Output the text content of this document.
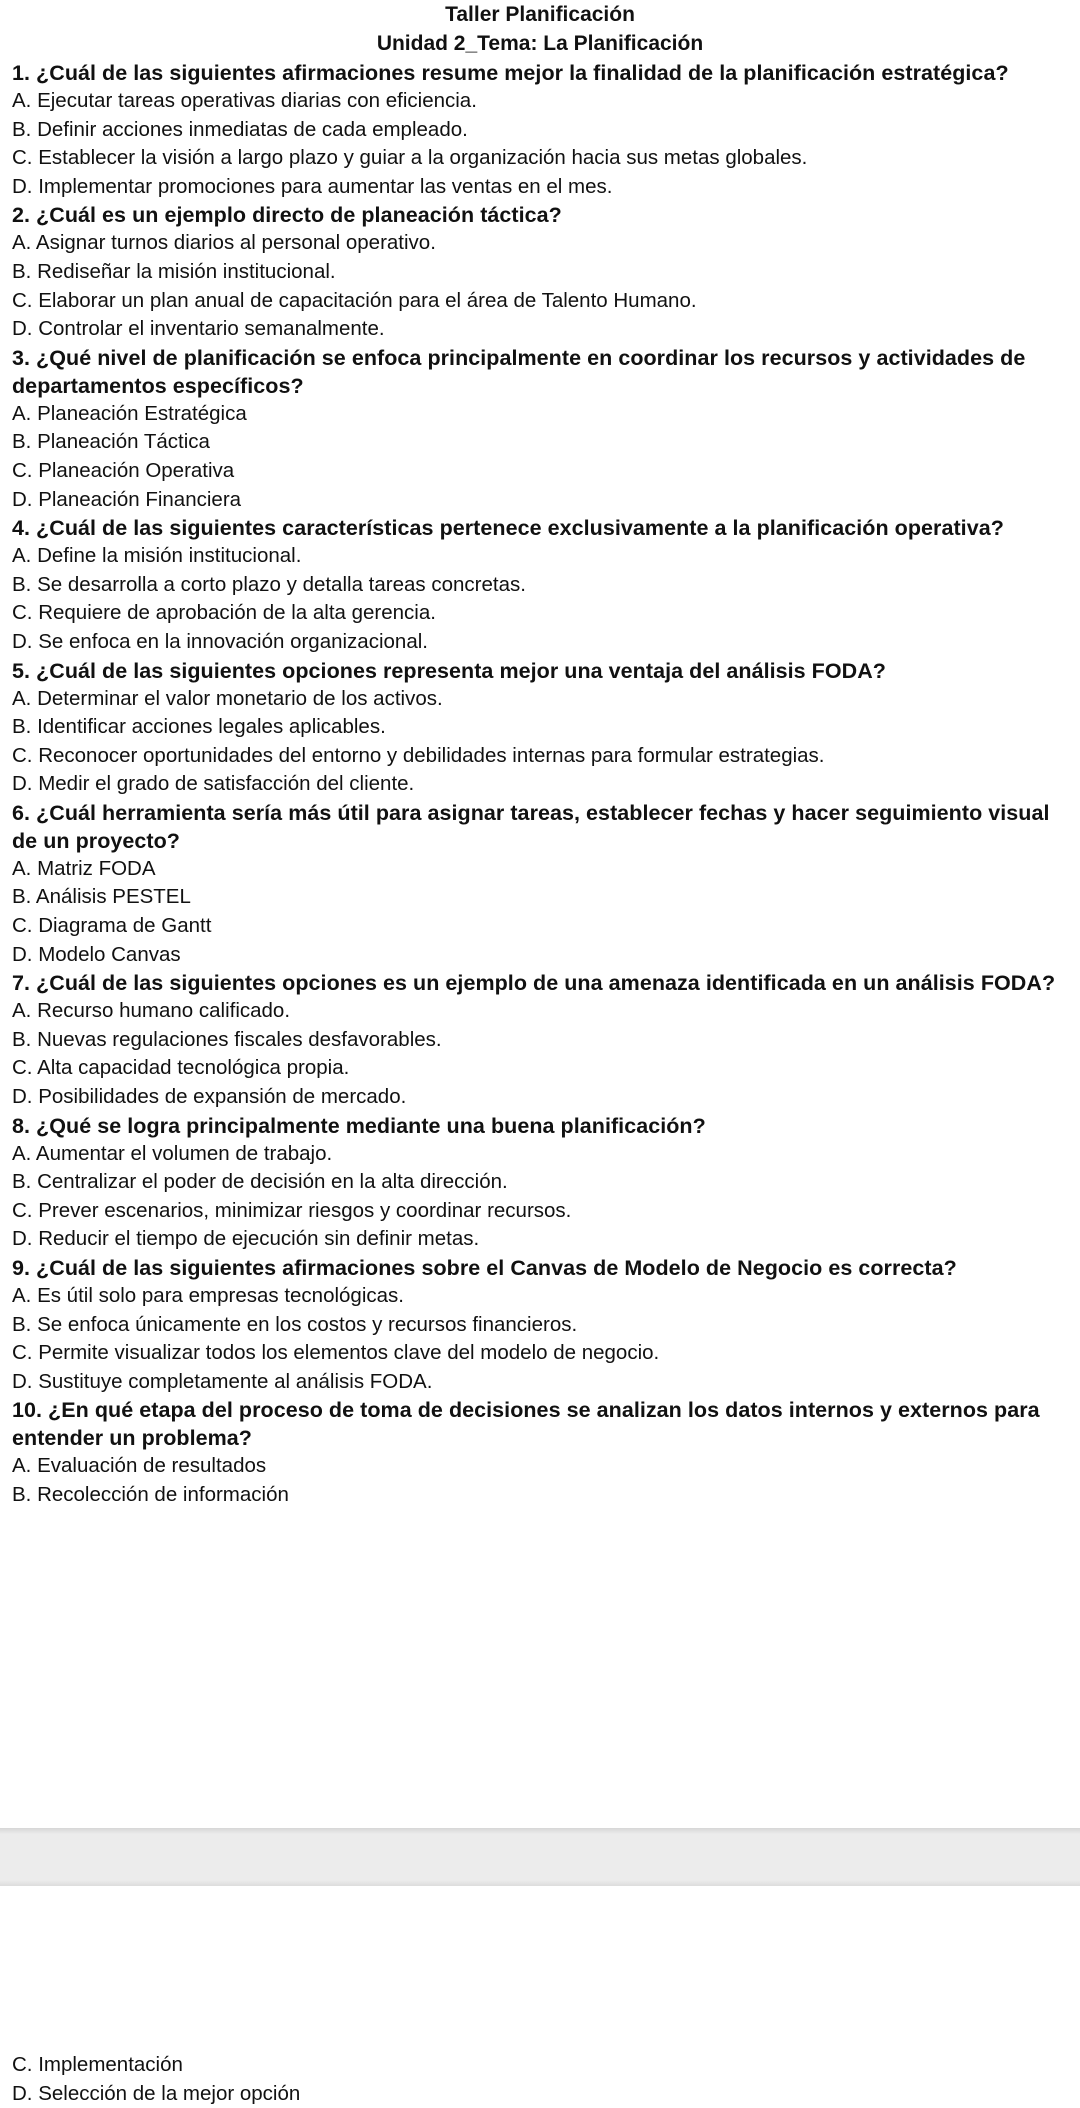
Taller Planificación

Unidad 2_Tema: La Planificación

1. ¿Cuál de las siguientes afirmaciones resume mejor la finalidad de la planificación estratégica?

A. Ejecutar tareas operativas diarias con eficiencia.

B. Definir acciones inmediatas de cada empleado.

C. Establecer la visión a largo plazo y guiar a la organización hacia sus metas globales.

D. Implementar promociones para aumentar las ventas en el mes.

2. ¿Cuál es un ejemplo directo de planeación táctica?

A. Asignar turnos diarios al personal operativo.

B. Rediseñar la misión institucional.

C. Elaborar un plan anual de capacitación para el área de Talento Humano.

D. Controlar el inventario semanalmente.

3. ¿Qué nivel de planificación se enfoca principalmente en coordinar los recursos y actividades de departamentos específicos?

A. Planeación Estratégica

B. Planeación Táctica

C. Planeación Operativa

D. Planeación Financiera

4. ¿Cuál de las siguientes características pertenece exclusivamente a la planificación operativa?

A. Define la misión institucional.

B. Se desarrolla a corto plazo y detalla tareas concretas.

C. Requiere de aprobación de la alta gerencia.

D. Se enfoca en la innovación organizacional.

5. ¿Cuál de las siguientes opciones representa mejor una ventaja del análisis FODA?

A. Determinar el valor monetario de los activos.

B. Identificar acciones legales aplicables.

C. Reconocer oportunidades del entorno y debilidades internas para formular estrategias.

D. Medir el grado de satisfacción del cliente.

6. ¿Cuál herramienta sería más útil para asignar tareas, establecer fechas y hacer seguimiento visual de un proyecto?

A. Matriz FODA

B. Análisis PESTEL

C. Diagrama de Gantt

D. Modelo Canvas

7. ¿Cuál de las siguientes opciones es un ejemplo de una amenaza identificada en un análisis FODA?

A. Recurso humano calificado.

B. Nuevas regulaciones fiscales desfavorables.

C. Alta capacidad tecnológica propia.

D. Posibilidades de expansión de mercado.

8. ¿Qué se logra principalmente mediante una buena planificación?

A. Aumentar el volumen de trabajo.

B. Centralizar el poder de decisión en la alta dirección.

C. Prever escenarios, minimizar riesgos y coordinar recursos.

D. Reducir el tiempo de ejecución sin definir metas.

9. ¿Cuál de las siguientes afirmaciones sobre el Canvas de Modelo de Negocio es correcta?

A. Es útil solo para empresas tecnológicas.

B. Se enfoca únicamente en los costos y recursos financieros.

C. Permite visualizar todos los elementos clave del modelo de negocio.

D. Sustituye completamente al análisis FODA.

10. ¿En qué etapa del proceso de toma de decisiones se analizan los datos internos y externos para entender un problema?

A. Evaluación de resultados

B. Recolección de información

C. Implementación

D. Selección de la mejor opción
